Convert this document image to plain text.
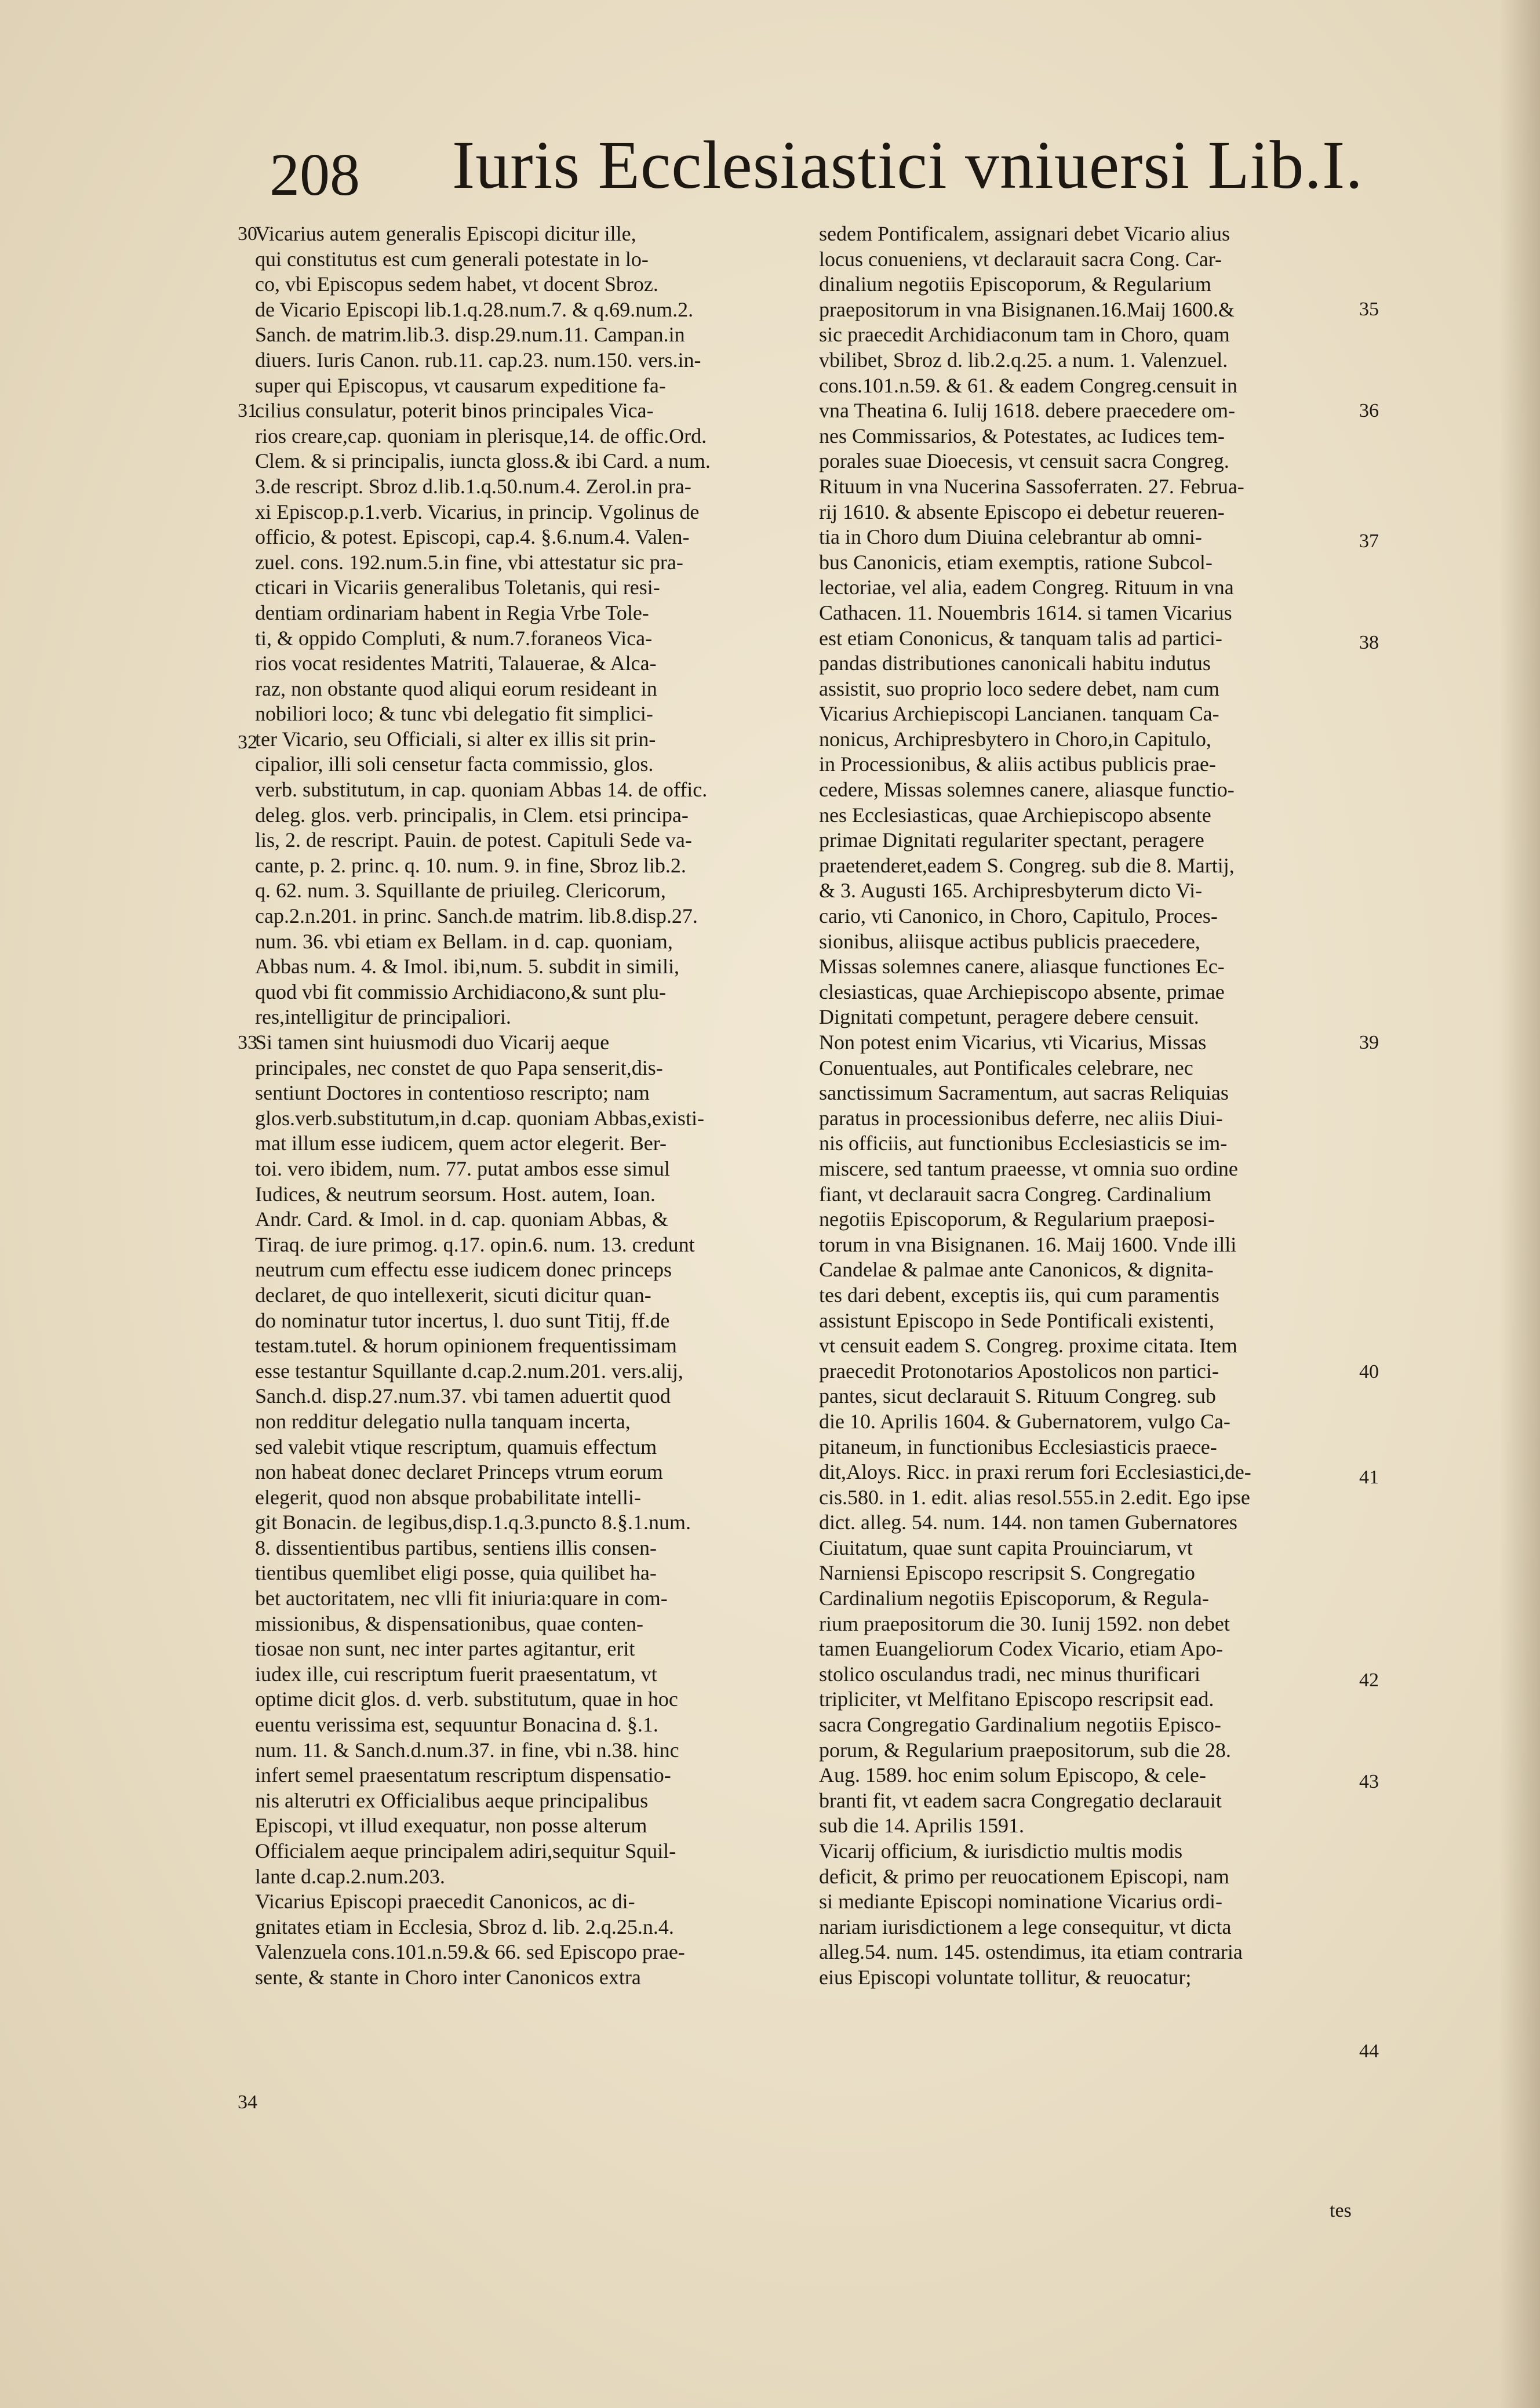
208 Iuris Ecclesiastici vniuersi Lib.I.
Vicarius autem generalis Episcopi dicitur ille,
qui constitutus est cum generali potestate in lo-
co, vbi Episcopus sedem habet, vt docent Sbroz.
de Vicario Episcopi lib.1.q.28.num.7. & q.69.num.2.
Sanch. de matrim.lib.3. disp.29.num.11. Campan.in
diuers. Iuris Canon. rub.11. cap.23. num.150. vers.in-
super qui Episcopus, vt causarum expeditione fa-
cilius consulatur, poterit binos principales Vica-
rios creare,cap. quoniam in plerisque,14. de offic.Ord.
Clem. & si principalis, iuncta gloss.& ibi Card. a num.
3.de rescript. Sbroz d.lib.1.q.50.num.4. Zerol.in pra-
xi Episcop.p.1.verb. Vicarius, in princip. Vgolinus de
officio, & potest. Episcopi, cap.4. §.6.num.4. Valen-
zuel. cons. 192.num.5.in fine, vbi attestatur sic pra-
cticari in Vicariis generalibus Toletanis, qui resi-
dentiam ordinariam habent in Regia Vrbe Tole-
ti, & oppido Compluti, & num.7.foraneos Vica-
rios vocat residentes Matriti, Talauerae, & Alca-
raz, non obstante quod aliqui eorum resideant in
nobiliori loco; & tunc vbi delegatio fit simplici-
ter Vicario, seu Officiali, si alter ex illis sit prin-
cipalior, illi soli censetur facta commissio, glos.
verb. substitutum, in cap. quoniam Abbas 14. de offic.
deleg. glos. verb. principalis, in Clem. etsi principa-
lis, 2. de rescript. Pauin. de potest. Capituli Sede va-
cante, p. 2. princ. q. 10. num. 9. in fine, Sbroz lib.2.
q. 62. num. 3. Squillante de priuileg. Clericorum,
cap.2.n.201. in princ. Sanch.de matrim. lib.8.disp.27.
num. 36. vbi etiam ex Bellam. in d. cap. quoniam,
Abbas num. 4. & Imol. ibi,num. 5. subdit in simili,
quod vbi fit commissio Archidiacono,& sunt plu-
res,intelligitur de principaliori.
Si tamen sint huiusmodi duo Vicarij aeque
principales, nec constet de quo Papa senserit,dis-
sentiunt Doctores in contentioso rescripto; nam
glos.verb.substitutum,in d.cap. quoniam Abbas,existi-
mat illum esse iudicem, quem actor elegerit. Ber-
toi. vero ibidem, num. 77. putat ambos esse simul
Iudices, & neutrum seorsum. Host. autem, Ioan.
Andr. Card. & Imol. in d. cap. quoniam Abbas, &
Tiraq. de iure primog. q.17. opin.6. num. 13. credunt
neutrum cum effectu esse iudicem donec princeps
declaret, de quo intellexerit, sicuti dicitur quan-
do nominatur tutor incertus, l. duo sunt Titij, ff.de
testam.tutel. & horum opinionem frequentissimam
esse testantur Squillante d.cap.2.num.201. vers.alij,
Sanch.d. disp.27.num.37. vbi tamen aduertit quod
non redditur delegatio nulla tanquam incerta,
sed valebit vtique rescriptum, quamuis effectum
non habeat donec declaret Princeps vtrum eorum
elegerit, quod non absque probabilitate intelli-
git Bonacin. de legibus,disp.1.q.3.puncto 8.§.1.num.
8. dissentientibus partibus, sentiens illis consen-
tientibus quemlibet eligi posse, quia quilibet ha-
bet auctoritatem, nec vlli fit iniuria:quare in com-
missionibus, & dispensationibus, quae conten-
tiosae non sunt, nec inter partes agitantur, erit
iudex ille, cui rescriptum fuerit praesentatum, vt
optime dicit glos. d. verb. substitutum, quae in hoc
euentu verissima est, sequuntur Bonacina d. §.1.
num. 11. & Sanch.d.num.37. in fine, vbi n.38. hinc
infert semel praesentatum rescriptum dispensatio-
nis alterutri ex Officialibus aeque principalibus
Episcopi, vt illud exequatur, non posse alterum
Officialem aeque principalem adiri,sequitur Squil-
lante d.cap.2.num.203.
Vicarius Episcopi praecedit Canonicos, ac di-
gnitates etiam in Ecclesia, Sbroz d. lib. 2.q.25.n.4.
Valenzuela cons.101.n.59.& 66. sed Episcopo prae-
sente, & stante in Choro inter Canonicos extra
sedem Pontificalem, assignari debet Vicario alius
locus conueniens, vt declarauit sacra Cong. Car-
dinalium negotiis Episcoporum, & Regularium
praepositorum in vna Bisignanen.16.Maij 1600.&
sic praecedit Archidiaconum tam in Choro, quam
vbilibet, Sbroz d. lib.2.q.25. a num. 1. Valenzuel.
cons.101.n.59. & 61. & eadem Congreg.censuit in
vna Theatina 6. Iulij 1618. debere praecedere om-
nes Commissarios, & Potestates, ac Iudices tem-
porales suae Dioecesis, vt censuit sacra Congreg.
Rituum in vna Nucerina Sassoferraten. 27. Februa-
rij 1610. & absente Episcopo ei debetur reueren-
tia in Choro dum Diuina celebrantur ab omni-
bus Canonicis, etiam exemptis, ratione Subcol-
lectoriae, vel alia, eadem Congreg. Rituum in vna
Cathacen. 11. Nouembris 1614. si tamen Vicarius
est etiam Cononicus, & tanquam talis ad partici-
pandas distributiones canonicali habitu indutus
assistit, suo proprio loco sedere debet, nam cum
Vicarius Archiepiscopi Lancianen. tanquam Ca-
nonicus, Archipresbytero in Choro,in Capitulo,
in Processionibus, & aliis actibus publicis prae-
cedere, Missas solemnes canere, aliasque functio-
nes Ecclesiasticas, quae Archiepiscopo absente
primae Dignitati regulariter spectant, peragere
praetenderet,eadem S. Congreg. sub die 8. Martij,
& 3. Augusti 165. Archipresbyterum dicto Vi-
cario, vti Canonico, in Choro, Capitulo, Proces-
sionibus, aliisque actibus publicis praecedere,
Missas solemnes canere, aliasque functiones Ec-
clesiasticas, quae Archiepiscopo absente, primae
Dignitati competunt, peragere debere censuit.
Non potest enim Vicarius, vti Vicarius, Missas
Conuentuales, aut Pontificales celebrare, nec
sanctissimum Sacramentum, aut sacras Reliquias
paratus in processionibus deferre, nec aliis Diui-
nis officiis, aut functionibus Ecclesiasticis se im-
miscere, sed tantum praeesse, vt omnia suo ordine
fiant, vt declarauit sacra Congreg. Cardinalium
negotiis Episcoporum, & Regularium praeposi-
torum in vna Bisignanen. 16. Maij 1600. Vnde illi
Candelae & palmae ante Canonicos, & dignita-
tes dari debent, exceptis iis, qui cum paramentis
assistunt Episcopo in Sede Pontificali existenti,
vt censuit eadem S. Congreg. proxime citata. Item
praecedit Protonotarios Apostolicos non partici-
pantes, sicut declarauit S. Rituum Congreg. sub
die 10. Aprilis 1604. & Gubernatorem, vulgo Ca-
pitaneum, in functionibus Ecclesiasticis praece-
dit,Aloys. Ricc. in praxi rerum fori Ecclesiastici,de-
cis.580. in 1. edit. alias resol.555.in 2.edit. Ego ipse
dict. alleg. 54. num. 144. non tamen Gubernatores
Ciuitatum, quae sunt capita Prouinciarum, vt
Narniensi Episcopo rescripsit S. Congregatio
Cardinalium negotiis Episcoporum, & Regula-
rium praepositorum die 30. Iunij 1592. non debet
tamen Euangeliorum Codex Vicario, etiam Apo-
stolico osculandus tradi, nec minus thurificari
tripliciter, vt Melfitano Episcopo rescripsit ead.
sacra Congregatio Gardinalium negotiis Episco-
porum, & Regularium praepositorum, sub die 28.
Aug. 1589. hoc enim solum Episcopo, & cele-
branti fit, vt eadem sacra Congregatio declarauit
sub die 14. Aprilis 1591.
Vicarij officium, & iurisdictio multis modis
deficit, & primo per reuocationem Episcopi, nam
si mediante Episcopi nominatione Vicarius ordi-
nariam iurisdictionem a lege consequitur, vt dicta
alleg.54. num. 145. ostendimus, ita etiam contraria
eius Episcopi voluntate tollitur, & reuocatur;
30
31
32
33
34
35
36
37
38
39
40
41
42
43
44
tes
